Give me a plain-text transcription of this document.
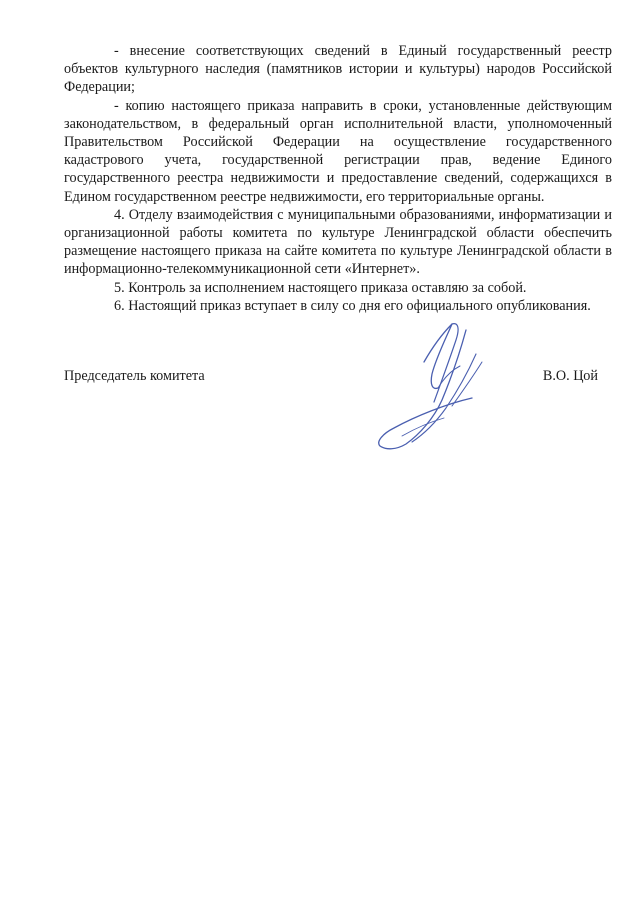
- внесение соответствующих сведений в Единый государственный реестр объектов культурного наследия (памятников истории и культуры) народов Российской Федерации;

- копию настоящего приказа направить в сроки, установленные действующим законодательством, в федеральный орган исполнительной власти, уполномоченный Правительством Российской Федерации на осуществление государственного кадастрового учета, государственной регистрации прав, ведение Единого государственного реестра недвижимости и предоставление сведений, содержащихся в Едином государственном реестре недвижимости, его территориальные органы.

4. Отделу взаимодействия с муниципальными образованиями, информатизации и организационной работы комитета по культуре Ленинградской области обеспечить размещение настоящего приказа на сайте комитета по культуре Ленинградской области в информационно-телекоммуникационной сети «Интернет».

5. Контроль за исполнением настоящего приказа оставляю за собой.

6. Настоящий приказ вступает в силу со дня его официального опубликования.

Председатель комитета	В.О. Цой
